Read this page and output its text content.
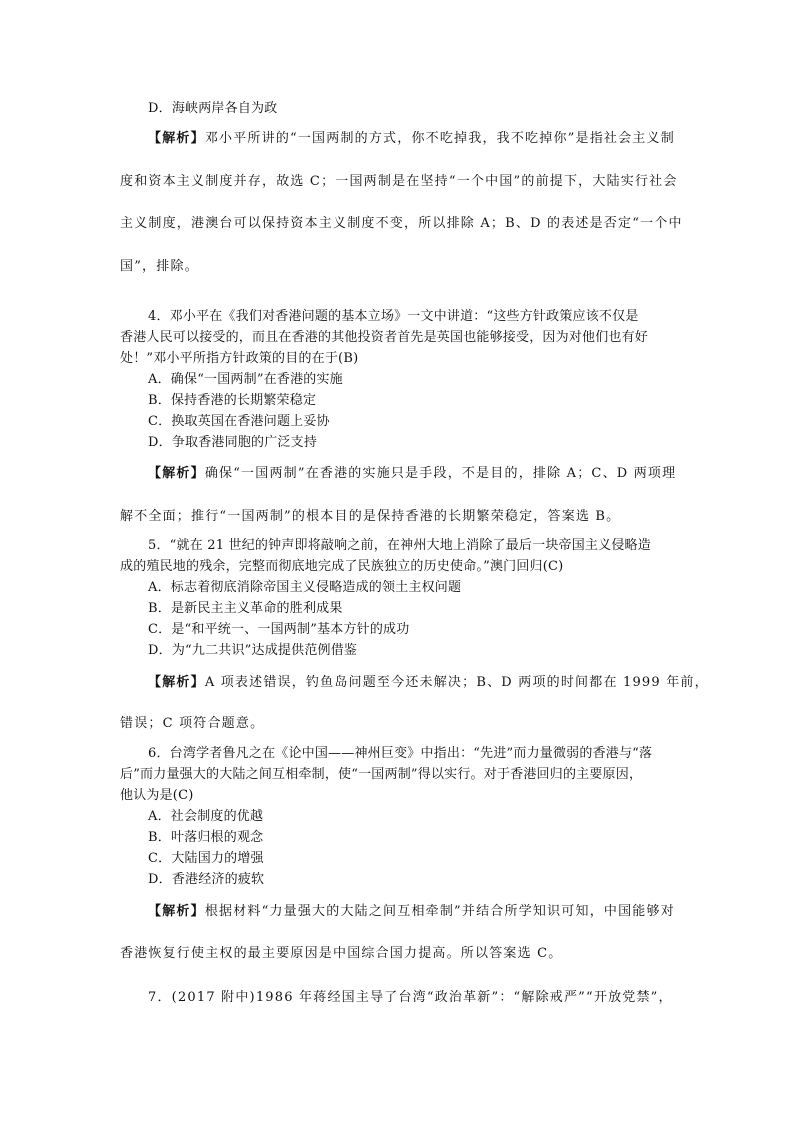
D．海峡两岸各自为政
【解析】邓小平所讲的“一国两制的方式，你不吃掉我，我不吃掉你”是指社会主义制
度和资本主义制度并存，故选 C；一国两制是在坚持“一个中国”的前提下，大陆实行社会
主义制度，港澳台可以保持资本主义制度不变，所以排除 A；B、D 的表述是否定“一个中
国”，排除。
4．邓小平在《我们对香港问题的基本立场》一文中讲道：“这些方针政策应该不仅是
香港人民可以接受的，而且在香港的其他投资者首先是英国也能够接受，因为对他们也有好
处！”邓小平所指方针政策的目的在于(B)
A．确保“一国两制”在香港的实施
B．保持香港的长期繁荣稳定
C．换取英国在香港问题上妥协
D．争取香港同胞的广泛支持
【解析】确保“一国两制”在香港的实施只是手段，不是目的，排除 A；C、D 两项理
解不全面；推行“一国两制”的根本目的是保持香港的长期繁荣稳定，答案选 B。
5．“就在 21 世纪的钟声即将敲响之前，在神州大地上消除了最后一块帝国主义侵略造
成的殖民地的残余，完整而彻底地完成了民族独立的历史使命。”澳门回归(C)
A．标志着彻底消除帝国主义侵略造成的领土主权问题
B．是新民主主义革命的胜利成果
C．是“和平统一、一国两制”基本方针的成功
D．为“九二共识”达成提供范例借鉴
【解析】A 项表述错误，钓鱼岛问题至今还未解决；B、D 两项的时间都在 1999 年前，
错误；C 项符合题意。
6．台湾学者鲁凡之在《论中国——神州巨变》中指出：“先进”而力量微弱的香港与“落
后”而力量强大的大陆之间互相牵制，使“一国两制”得以实行。对于香港回归的主要原因，
他认为是(C)
A．社会制度的优越
B．叶落归根的观念
C．大陆国力的增强
D．香港经济的疲软
【解析】根据材料“力量强大的大陆之间互相牵制”并结合所学知识可知，中国能够对
香港恢复行使主权的最主要原因是中国综合国力提高。所以答案选 C。
7．(2017 附中)1986 年蒋经国主导了台湾“政治革新”：“解除戒严”“开放党禁”，
